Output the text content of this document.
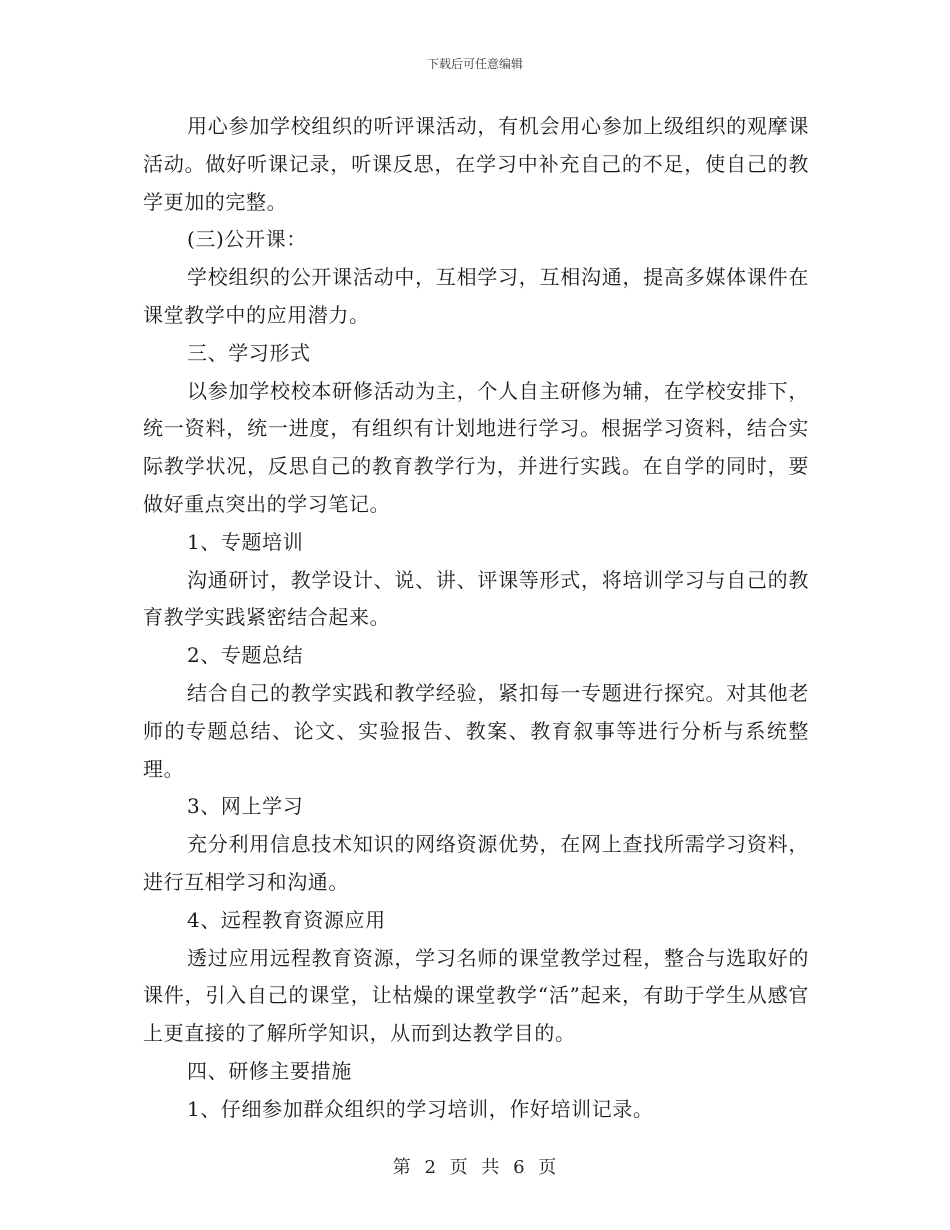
下载后可任意编辑

用心参加学校组织的听评课活动，有机会用心参加上级组织的观摩课活动。做好听课记录，听课反思，在学习中补充自己的不足，使自己的教学更加的完整。

(三)公开课：

学校组织的公开课活动中，互相学习，互相沟通，提高多媒体课件在课堂教学中的应用潜力。

三、学习形式

以参加学校校本研修活动为主，个人自主研修为辅，在学校安排下，统一资料，统一进度，有组织有计划地进行学习。根据学习资料，结合实际教学状况，反思自己的教育教学行为，并进行实践。在自学的同时，要做好重点突出的学习笔记。

1、专题培训

沟通研讨，教学设计、说、讲、评课等形式，将培训学习与自己的教育教学实践紧密结合起来。

2、专题总结

结合自己的教学实践和教学经验，紧扣每一专题进行探究。对其他老师的专题总结、论文、实验报告、教案、教育叙事等进行分析与系统整理。

3、网上学习

充分利用信息技术知识的网络资源优势，在网上查找所需学习资料，进行互相学习和沟通。

4、远程教育资源应用

透过应用远程教育资源，学习名师的课堂教学过程，整合与选取好的课件，引入自己的课堂，让枯燥的课堂教学“活”起来，有助于学生从感官上更直接的了解所学知识，从而到达教学目的。

四、研修主要措施

1、仔细参加群众组织的学习培训，作好培训记录。

第 2 页 共 6 页
